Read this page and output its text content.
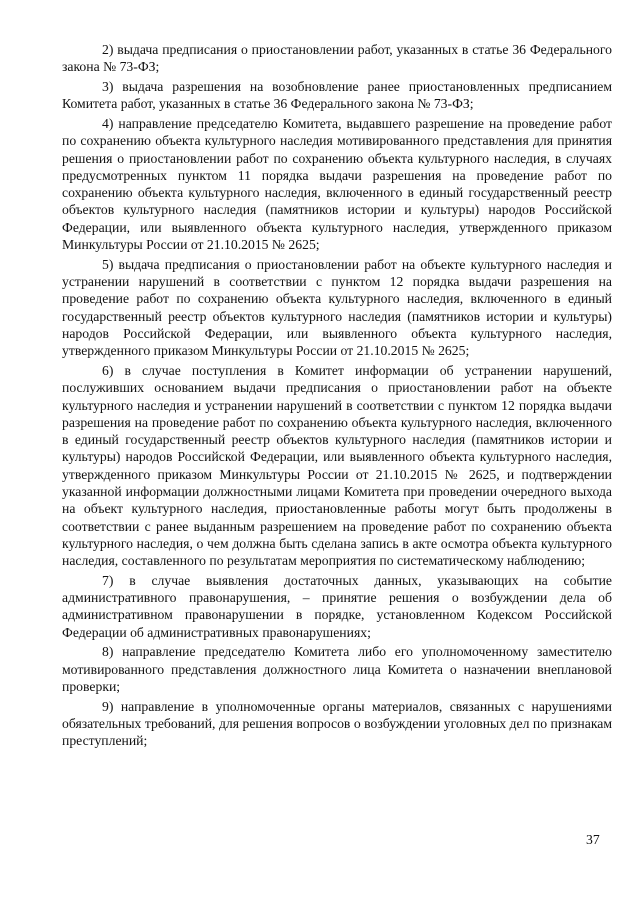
2) выдача предписания о приостановлении работ, указанных в статье 36 Федерального закона № 73-ФЗ;

3) выдача разрешения на возобновление ранее приостановленных предписанием Комитета работ, указанных в статье 36 Федерального закона № 73-ФЗ;

4) направление председателю Комитета, выдавшего разрешение на проведение работ по сохранению объекта культурного наследия мотивированного представления для принятия решения о приостановлении работ по сохранению объекта культурного наследия, в случаях предусмотренных пунктом 11 порядка выдачи разрешения на проведение работ по сохранению объекта культурного наследия, включенного в единый государственный реестр объектов культурного наследия (памятников истории и культуры) народов Российской Федерации, или выявленного объекта культурного наследия, утвержденного приказом Минкультуры России от 21.10.2015 № 2625;

5) выдача предписания о приостановлении работ на объекте культурного наследия и устранении нарушений в соответствии с пунктом 12 порядка выдачи разрешения на проведение работ по сохранению объекта культурного наследия, включенного в единый государственный реестр объектов культурного наследия (памятников истории и культуры) народов Российской Федерации, или выявленного объекта культурного наследия, утвержденного приказом Минкультуры России от 21.10.2015 № 2625;

6) в случае поступления в Комитет информации об устранении нарушений, послуживших основанием выдачи предписания о приостановлении работ на объекте культурного наследия и устранении нарушений в соответствии с пунктом 12 порядка выдачи разрешения на проведение работ по сохранению объекта культурного наследия, включенного в единый государственный реестр объектов культурного наследия (памятников истории и культуры) народов Российской Федерации, или выявленного объекта культурного наследия, утвержденного приказом Минкультуры России от 21.10.2015 № 2625, и подтверждении указанной информации должностными лицами Комитета при проведении очередного выхода на объект культурного наследия, приостановленные работы могут быть продолжены в соответствии с ранее выданным разрешением на проведение работ по сохранению объекта культурного наследия, о чем должна быть сделана запись в акте осмотра объекта культурного наследия, составленного по результатам мероприятия по систематическому наблюдению;

7) в случае выявления достаточных данных, указывающих на событие административного правонарушения, – принятие решения о возбуждении дела об административном правонарушении в порядке, установленном Кодексом Российской Федерации об административных правонарушениях;

8) направление председателю Комитета либо его уполномоченному заместителю мотивированного представления должностного лица Комитета о назначении внеплановой проверки;

9) направление в уполномоченные органы материалов, связанных с нарушениями обязательных требований, для решения вопросов о возбуждении уголовных дел по признакам преступлений;

37
